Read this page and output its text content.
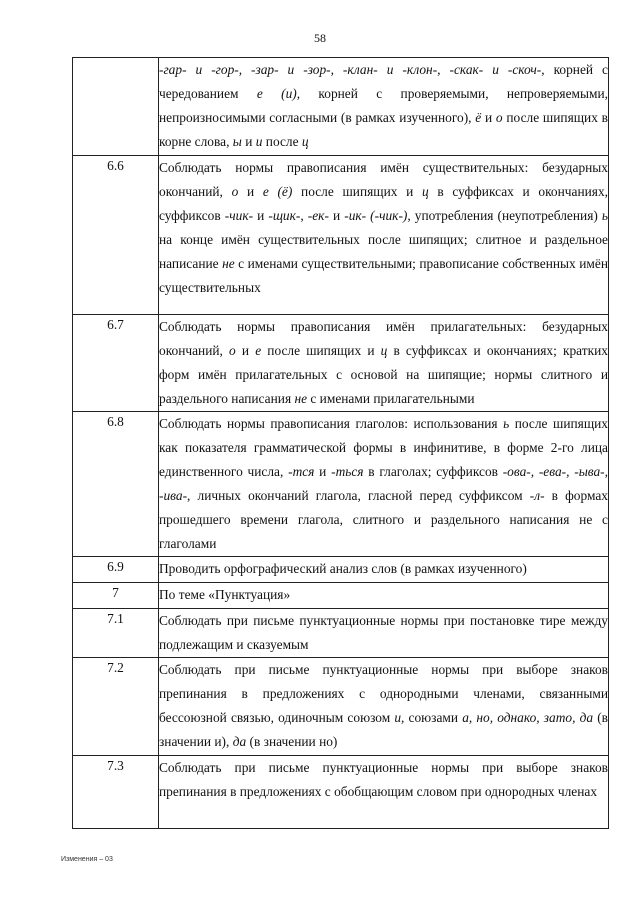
58
	-гар- и -гор-, -зар- и -зор-, -клан- и -клон-, -скак- и -скоч-, корней с чередованием е (и), корней с проверяемыми, непроверяемыми, непроизносимыми согласными (в рамках изученного), ё и о после шипящих в корне слова, ы и и после ц

6.6	Соблюдать нормы правописания имён существительных: безударных окончаний, о и е (ё) после шипящих и ц в суффиксах и окончаниях, суффиксов -чик- и -щик-, -ек- и -ик- (-чик-), употребления (неупотребления) ь на конце имён существительных после шипящих; слитное и раздельное написание не с именами существительными; правописание собственных имён существительных

6.7	Соблюдать нормы правописания имён прилагательных: безударных окончаний, о и е после шипящих и ц в суффиксах и окончаниях; кратких форм имён прилагательных с основой на шипящие; нормы слитного и раздельного написания не с именами прилагательными

6.8	Соблюдать нормы правописания глаголов: использования ь после шипящих как показателя грамматической формы в инфинитиве, в форме 2-го лица единственного числа, -тся и -ться в глаголах; суффиксов -ова-, -ева-, -ыва-, -ива-, личных окончаний глагола, гласной перед суффиксом -л- в формах прошедшего времени глагола, слитного и раздельного написания не с глаголами

6.9	Проводить орфографический анализ слов (в рамках изученного)

7	По теме «Пунктуация»

7.1	Соблюдать при письме пунктуационные нормы при постановке тире между подлежащим и сказуемым

7.2	Соблюдать при письме пунктуационные нормы при выборе знаков препинания в предложениях с однородными членами, связанными бессоюзной связью, одиночным союзом и, союзами а, но, однако, зато, да (в значении и), да (в значении но)

7.3	Соблюдать при письме пунктуационные нормы при выборе знаков препинания в предложениях с обобщающим словом при однородных членах
Изменения – 03
